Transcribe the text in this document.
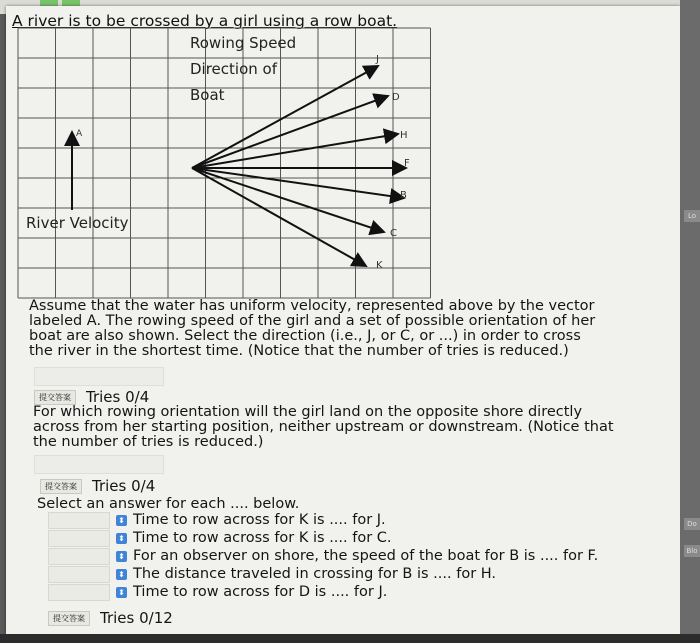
Lo
Do
Blo
A river is to be crossed by a girl using a row boat.
Rowing Speed
Direction of
Boat
River Velocity
A
J
D
H
F
B
C
K
Assume that the water has uniform velocity, represented above by the vector
labeled A. The rowing speed of the girl and a set of possible orientation of her
boat are also shown. Select the direction (i.e., J, or C, or ...) in order to cross
the river in the shortest time. (Notice that the number of tries is reduced.)
提交答案	Tries 0/4
For which rowing orientation will the girl land on the opposite shore directly
across from her starting position, neither upstream or downstream. (Notice that
the number of tries is reduced.)
提交答案	Tries 0/4
Select an answer for each .... below.
⬍ Time to row across for K is .... for J.
⬍ Time to row across for K is .... for C.
⬍ For an observer on shore, the speed of the boat for B is .... for F.
⬍ The distance traveled in crossing for B is .... for H.
⬍ Time to row across for D is .... for J.
提交答案	Tries 0/12
